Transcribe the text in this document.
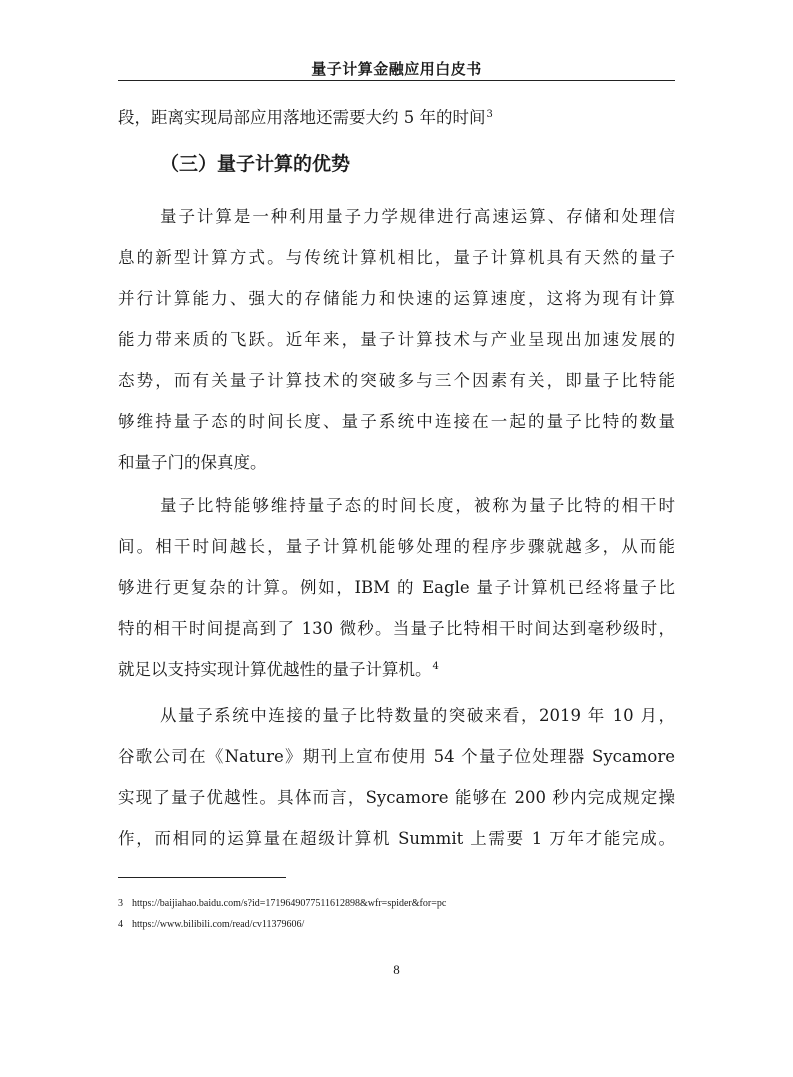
量子计算金融应用白皮书
段，距离实现局部应用落地还需要大约 5 年的时间$^3$
（三）量子计算的优势
量子计算是一种利用量子力学规律进行高速运算、存储和处理信
息的新型计算方式。与传统计算机相比，量子计算机具有天然的量子
并行计算能力、强大的存储能力和快速的运算速度，这将为现有计算
能力带来质的飞跃。近年来，量子计算技术与产业呈现出加速发展的
态势，而有关量子计算技术的突破多与三个因素有关，即量子比特能
够维持量子态的时间长度、量子系统中连接在一起的量子比特的数量
和量子门的保真度。
量子比特能够维持量子态的时间长度，被称为量子比特的相干时
间。相干时间越长，量子计算机能够处理的程序步骤就越多，从而能
够进行更复杂的计算。例如，IBM 的 Eagle 量子计算机已经将量子比
特的相干时间提高到了 130 微秒。当量子比特相干时间达到毫秒级时，
就足以支持实现计算优越性的量子计算机。$^4$
从量子系统中连接的量子比特数量的突破来看，2019 年 10 月，
谷歌公司在《Nature》期刊上宣布使用 54 个量子位处理器 Sycamore
实现了量子优越性。具体而言，Sycamore 能够在 200 秒内完成规定操
作，而相同的运算量在超级计算机 Summit 上需要 1 万年才能完成。
3 https://baijiahao.baidu.com/s?id=1719649077511612898&wfr=spider&for=pc
4 https://www.bilibili.com/read/cv11379606/
8
